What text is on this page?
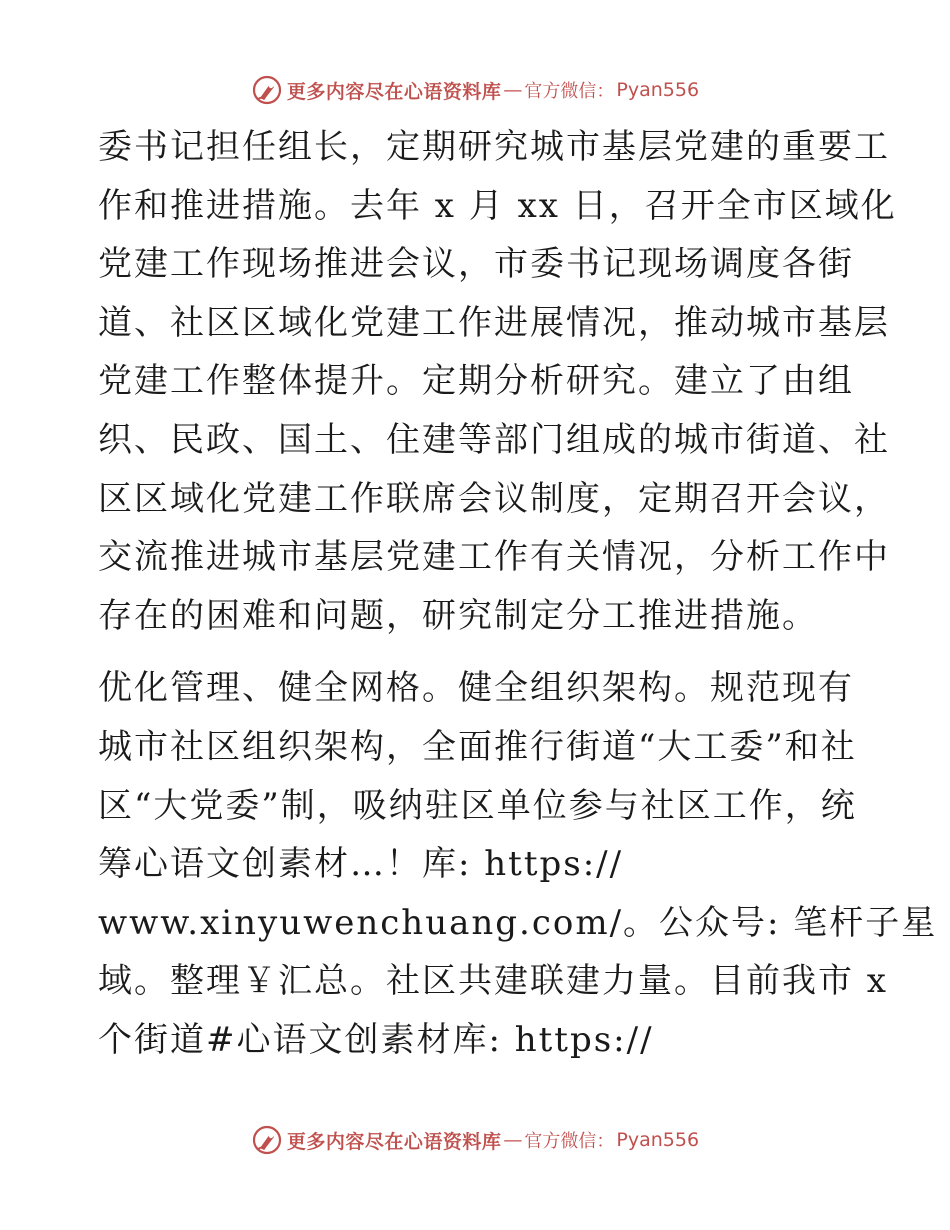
更多内容尽在心语资料库 — 官方微信： Pyan556

委书记担任组长，定期研究城市基层党建的重要工
作和推进措施。去年 x 月 xx 日，召开全市区域化
党建工作现场推进会议，市委书记现场调度各街
道、社区区域化党建工作进展情况，推动城市基层
党建工作整体提升。定期分析研究。建立了由组
织、民政、国土、住建等部门组成的城市街道、社
区区域化党建工作联席会议制度，定期召开会议，
交流推进城市基层党建工作有关情况，分析工作中
存在的困难和问题，研究制定分工推进措施。

优化管理、健全网格。健全组织架构。规范现有
城市社区组织架构，全面推行街道“大工委”和社
区“大党委”制，吸纳驻区单位参与社区工作，统
筹心语文创素材…！库: https://
www.xinyuwenchuang.com/。公众号: 笔杆子星
域。整理￥汇总。社区共建联建力量。目前我市 x
个街道#心语文创素材库: https://

更多内容尽在心语资料库 — 官方微信： Pyan556
